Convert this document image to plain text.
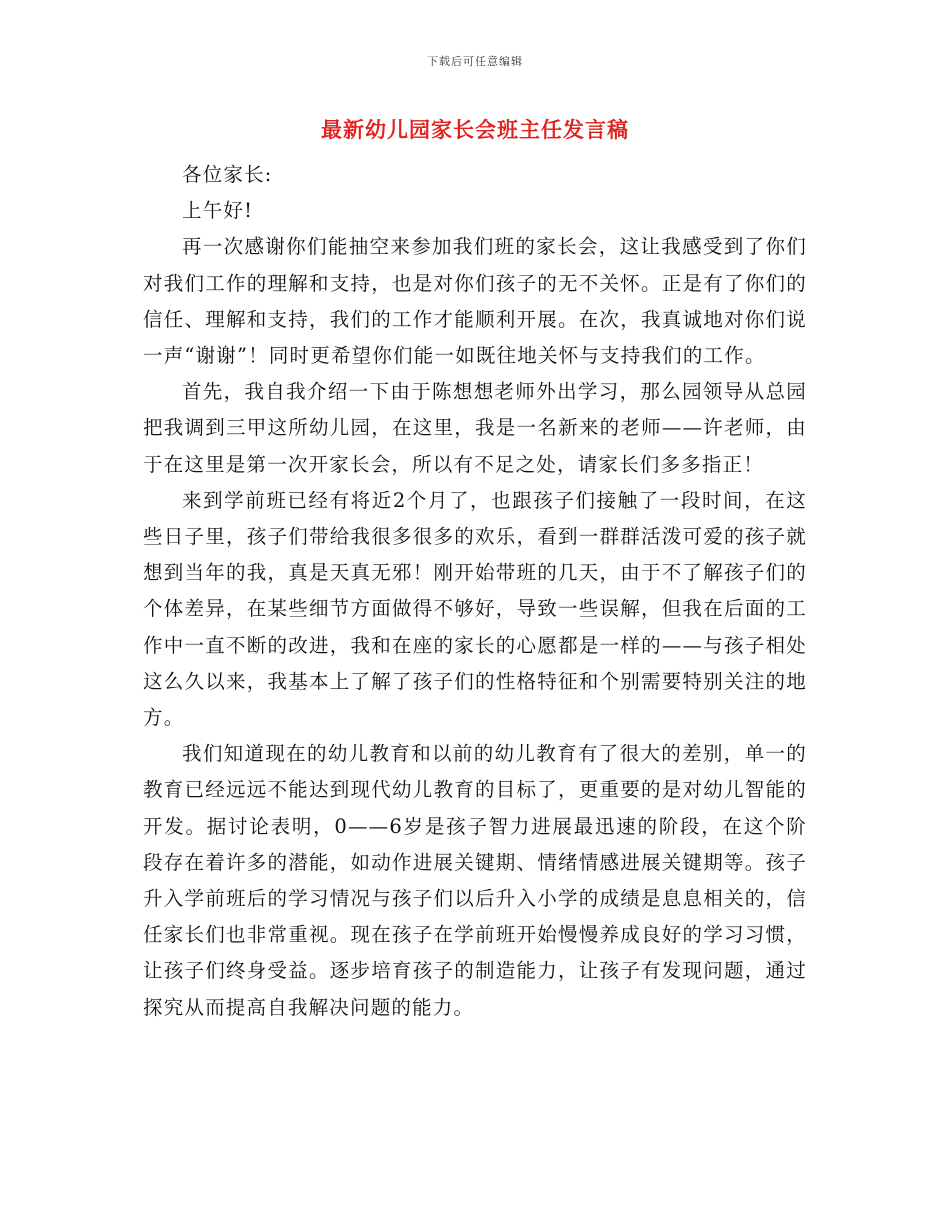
下载后可任意编辑
最新幼儿园家长会班主任发言稿

各位家长:

上午好!

再一次感谢你们能抽空来参加我们班的家长会，这让我感受到了你们对我们工作的理解和支持，也是对你们孩子的无不关怀。正是有了你们的信任、理解和支持，我们的工作才能顺利开展。在次，我真诚地对你们说一声“谢谢”！同时更希望你们能一如既往地关怀与支持我们的工作。

首先，我自我介绍一下由于陈想想老师外出学习，那么园领导从总园把我调到三甲这所幼儿园，在这里，我是一名新来的老师——许老师，由于在这里是第一次开家长会，所以有不足之处，请家长们多多指正！

来到学前班已经有将近2个月了，也跟孩子们接触了一段时间，在这些日子里，孩子们带给我很多很多的欢乐，看到一群群活泼可爱的孩子就想到当年的我，真是天真无邪！刚开始带班的几天，由于不了解孩子们的个体差异，在某些细节方面做得不够好，导致一些误解，但我在后面的工作中一直不断的改进，我和在座的家长的心愿都是一样的——与孩子相处这么久以来，我基本上了解了孩子们的性格特征和个别需要特别关注的地方。

我们知道现在的幼儿教育和以前的幼儿教育有了很大的差别，单一的教育已经远远不能达到现代幼儿教育的目标了，更重要的是对幼儿智能的开发。据讨论表明，0——6岁是孩子智力进展最迅速的阶段，在这个阶段存在着许多的潜能，如动作进展关键期、情绪情感进展关键期等。孩子升入学前班后的学习情况与孩子们以后升入小学的成绩是息息相关的，信任家长们也非常重视。现在孩子在学前班开始慢慢养成良好的学习习惯，让孩子们终身受益。逐步培育孩子的制造能力，让孩子有发现问题，通过探究从而提高自我解决问题的能力。
